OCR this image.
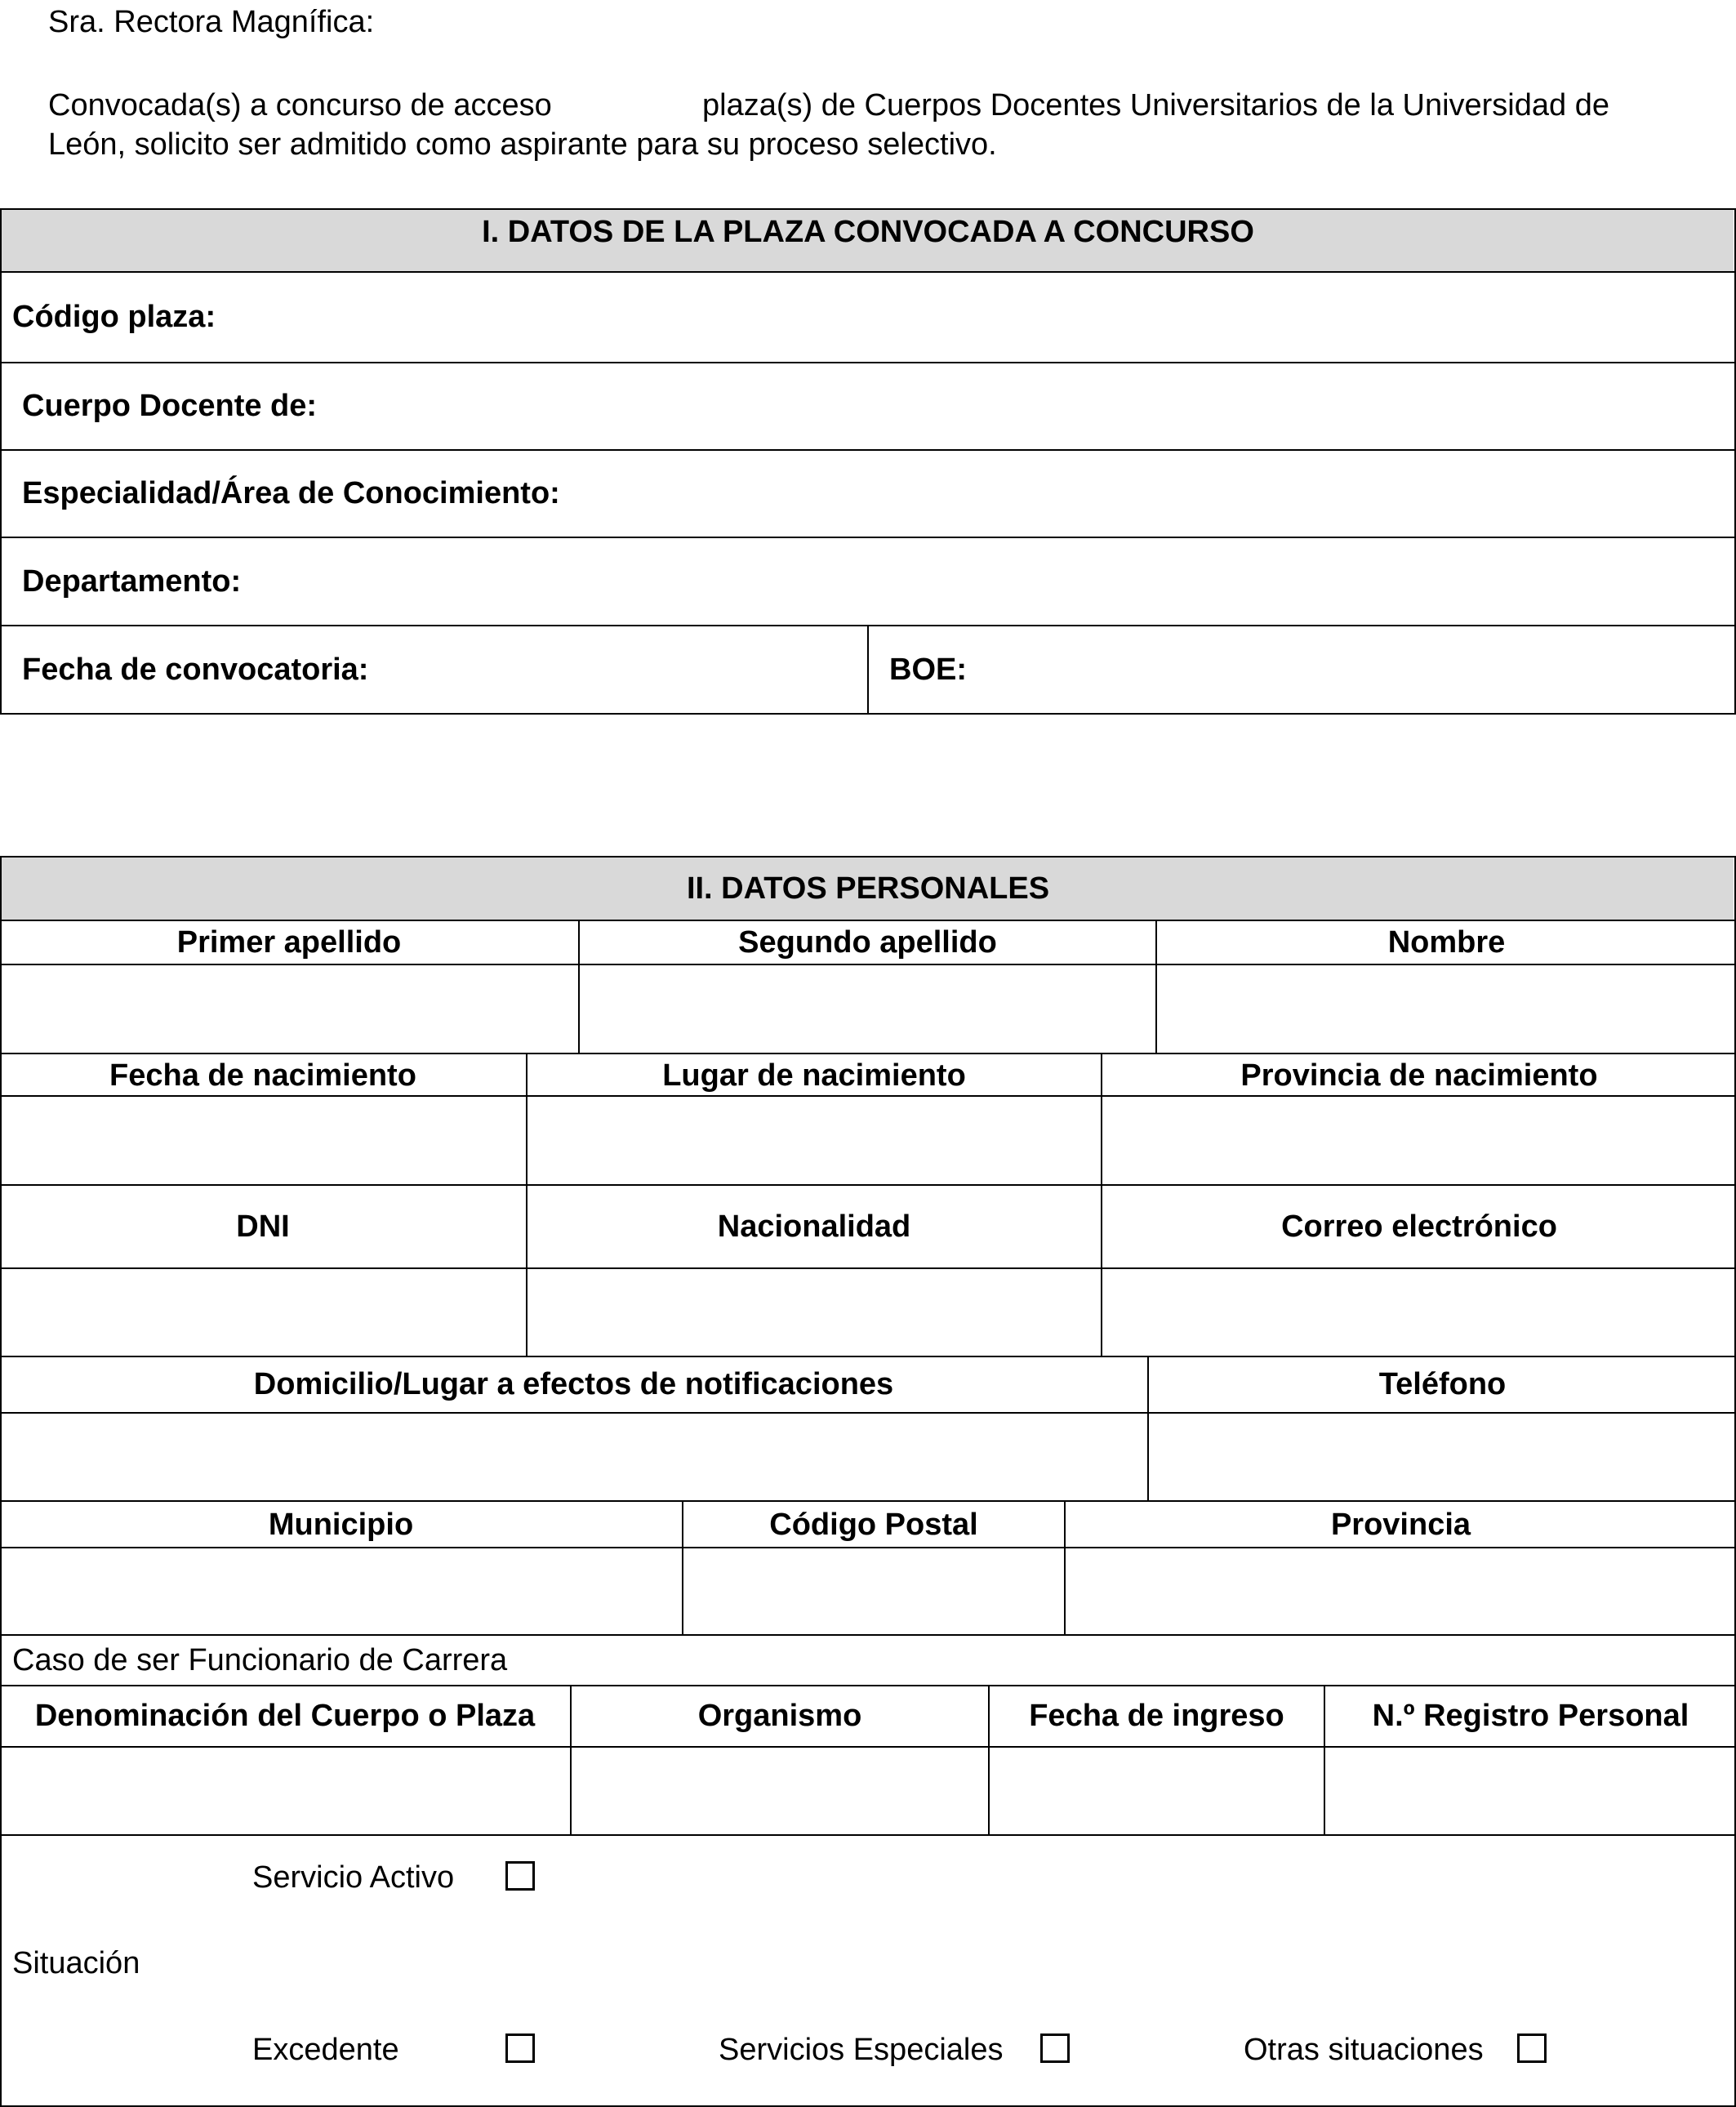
Sra. Rectora Magnífica:
Convocada(s) a concurso de acceso	plaza(s) de Cuerpos Docentes Universitarios de la Universidad de
León, solicito ser admitido como aspirante para su proceso selectivo.
I. DATOS DE LA PLAZA CONVOCADA A CONCURSO
Código plaza:
Cuerpo Docente de:
Especialidad/Área de Conocimiento:
Departamento:
Fecha de convocatoria:	BOE:
II. DATOS PERSONALES
Primer apellido	Segundo apellido	Nombre
Fecha de nacimiento	Lugar de nacimiento	Provincia de nacimiento
DNI	Nacionalidad	Correo electrónico
Domicilio/Lugar a efectos de notificaciones	Teléfono
Municipio	Código Postal	Provincia
Caso de ser Funcionario de Carrera
Denominación del Cuerpo o Plaza	Organismo	Fecha de ingreso	N.º Registro Personal
Servicio Activo
Situación
Excedente	Servicios Especiales	Otras situaciones
